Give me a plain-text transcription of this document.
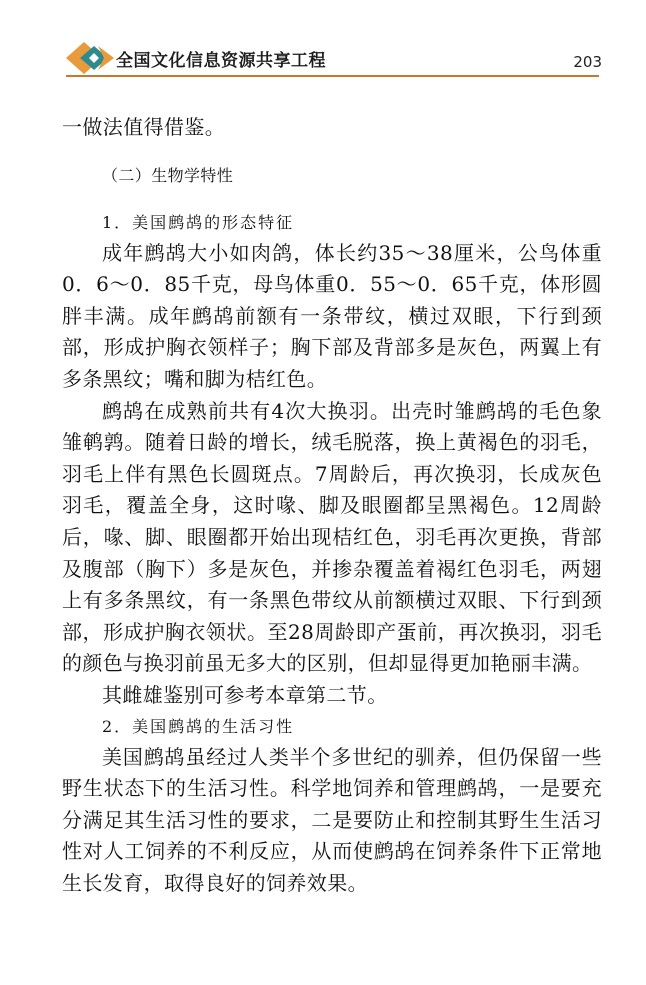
全国文化信息资源共享工程	203

一做法值得借鉴。

（二）生物学特性

1．美国鹧鸪的形态特征

成年鹧鸪大小如肉鸽，体长约35～38厘米，公鸟体重0．6～0．85千克，母鸟体重0．55～0．65千克，体形圆胖丰满。成年鹧鸪前额有一条带纹，横过双眼，下行到颈部，形成护胸衣领样子；胸下部及背部多是灰色，两翼上有多条黑纹；嘴和脚为桔红色。

鹧鸪在成熟前共有4次大换羽。出壳时雏鹧鸪的毛色象雏鹌鹑。随着日龄的增长，绒毛脱落，换上黄褐色的羽毛，羽毛上伴有黑色长圆斑点。7周龄后，再次换羽，长成灰色羽毛，覆盖全身，这时喙、脚及眼圈都呈黑褐色。12周龄后，喙、脚、眼圈都开始出现桔红色，羽毛再次更换，背部及腹部（胸下）多是灰色，并掺杂覆盖着褐红色羽毛，两翅上有多条黑纹，有一条黑色带纹从前额横过双眼、下行到颈部，形成护胸衣领状。至28周龄即产蛋前，再次换羽，羽毛的颜色与换羽前虽无多大的区别，但却显得更加艳丽丰满。

其雌雄鉴别可参考本章第二节。

2．美国鹧鸪的生活习性

美国鹧鸪虽经过人类半个多世纪的驯养，但仍保留一些野生状态下的生活习性。科学地饲养和管理鹧鸪，一是要充分满足其生活习性的要求，二是要防止和控制其野生生活习性对人工饲养的不利反应，从而使鹧鸪在饲养条件下正常地生长发育，取得良好的饲养效果。
